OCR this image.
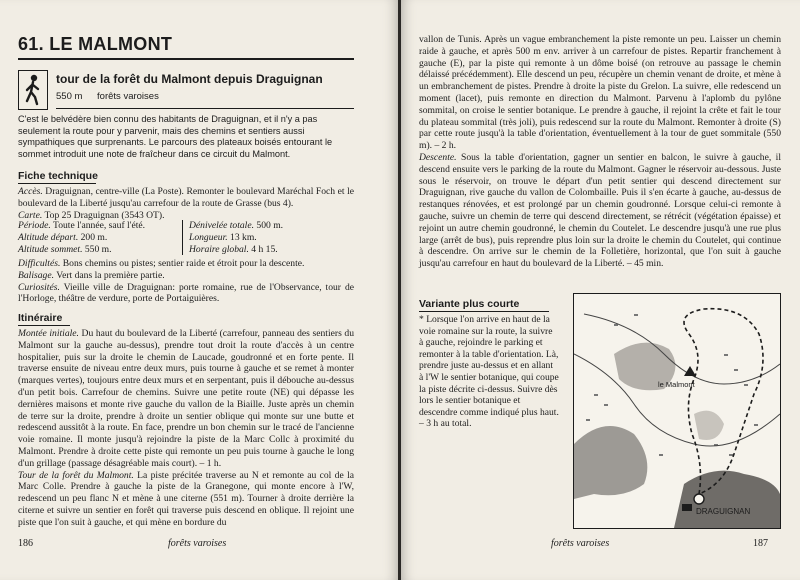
61. LE MALMONT
tour de la forêt du Malmont depuis Draguignan
550 m forêts varoises
C'est le belvédère bien connu des habitants de Draguignan, et il n'y a pas seulement la route pour y parvenir, mais des chemins et sentiers aussi sympathiques que surprenants. Le parcours des plateaux boisés entourant le sommet introduit une note de fraîcheur dans ce circuit du Malmont.
Fiche technique

Accès. Draguignan, centre-ville (La Poste). Remonter le boulevard Maréchal Foch et le boulevard de la Liberté jusqu'au carrefour de la route de Grasse (bus 4).

Carte. Top 25 Draguignan (3543 OT).

Période. Toute l'année, sauf l'été.	Dénivelée totale. 500 m.
Altitude départ. 200 m.	Longueur. 13 km.
Altitude sommet. 550 m.	Horaire global. 4 h 15.

Difficultés. Bons chemins ou pistes; sentier raide et étroit pour la descente.

Balisage. Vert dans la première partie.

Curiosités. Vieille ville de Draguignan: porte romaine, rue de l'Observance, tour de l'Horloge, théâtre de verdure, porte de Portaiguières.

Itinéraire

Montée initiale. Du haut du boulevard de la Liberté (carrefour, panneau des sentiers du Malmont sur la gauche au-dessus), prendre tout droit la route d'accès à un centre hospitalier, puis sur la droite le chemin de Laucade, goudronné et en forte pente. Il traverse ensuite de niveau entre deux murs, puis tourne à gauche et se remet à monter (marques vertes), toujours entre deux murs et en serpentant, puis il débouche au-dessus d'un petit bois. Carrefour de chemins. Suivre une petite route (NE) qui dépasse les dernières maisons et monte rive gauche du vallon de la Biaille. Juste après un chemin de terre sur la droite, prendre à droite un sentier oblique qui monte sur une butte et redescend aussitôt à la route. En face, prendre un bon chemin sur le tracé de l'ancienne voie romaine. Il monte jusqu'à rejoindre la piste de la Marc Collc à proximité du Malmont. Prendre à droite cette piste qui remonte un peu puis tourne à gauche le long d'un grillage (passage désagréable mais court). – 1 h.

Tour de la forêt du Malmont. La piste précitée traverse au N et remonte au col de la Marc Colle. Prendre à gauche la piste de la Granegone, qui monte encore à l'W, redescend un peu flanc N et mène à une citerne (551 m). Tourner à droite derrière la citerne et suivre un sentier en forêt qui traverse puis descend en oblique. Il rejoint une piste que l'on suit à gauche, et qui mène en bordure du

186	forêts varoises

vallon de Tunis. Après un vague embranchement la piste remonte un peu. Laisser un chemin raide à gauche, et après 500 m env. arriver à un carrefour de pistes. Repartir franchement à gauche (E), par la piste qui remonte à un dôme boisé (on retrouve au passage le chemin délaissé précédemment). Elle descend un peu, récupère un chemin venant de droite, et mène à un embranchement de pistes. Prendre à droite la piste du Grelon. La suivre, elle redescend un moment (lacet), puis remonte en direction du Malmont. Parvenu à l'aplomb du pylône sommital, on croise le sentier botanique. Le prendre à gauche, il rejoint la crête et fait le tour du plateau sommital (très joli), puis redescend sur la route du Malmont. Remonter à droite (S) par cette route jusqu'à la table d'orientation, éventuellement à la tour de guet sommitale (550 m). – 2 h.

Descente. Sous la table d'orientation, gagner un sentier en balcon, le suivre à gauche, il descend ensuite vers le parking de la route du Malmont. Gagner le réservoir au-dessous. Juste sous le réservoir, on trouve le départ d'un petit sentier qui descend directement sur Draguignan, rive gauche du vallon de Colombaille. Puis il s'en écarte à gauche, au-dessus de restanques rénovées, et est prolongé par un chemin goudronné. Lorsque celui-ci remonte à gauche, suivre un chemin de terre qui descend directement, se rétrécit (végétation épaisse) et rejoint un autre chemin goudronné, le chemin du Coutelet. Le descendre jusqu'à une rue plus large (arrêt de bus), puis reprendre plus loin sur la droite le chemin du Coutelet, qui continue à descendre. On arrive sur le chemin de la Folletière, horizontal, que l'on suit à gauche jusqu'au carrefour en haut du boulevard de la Liberté. – 45 min.

Variante plus courte
* Lorsque l'on arrive en haut de la voie romaine sur la route, la suivre à gauche, rejoindre le parking et remonter à la table d'orientation. Là, prendre juste au-dessus et en allant à l'W le sentier botanique, qui coupe la piste décrite ci-dessus. Suivre dès lors le sentier botanique et descendre comme indiqué plus haut. – 3 h au total.
le Malmont
DRAGUIGNAN
forêts varoises	187
